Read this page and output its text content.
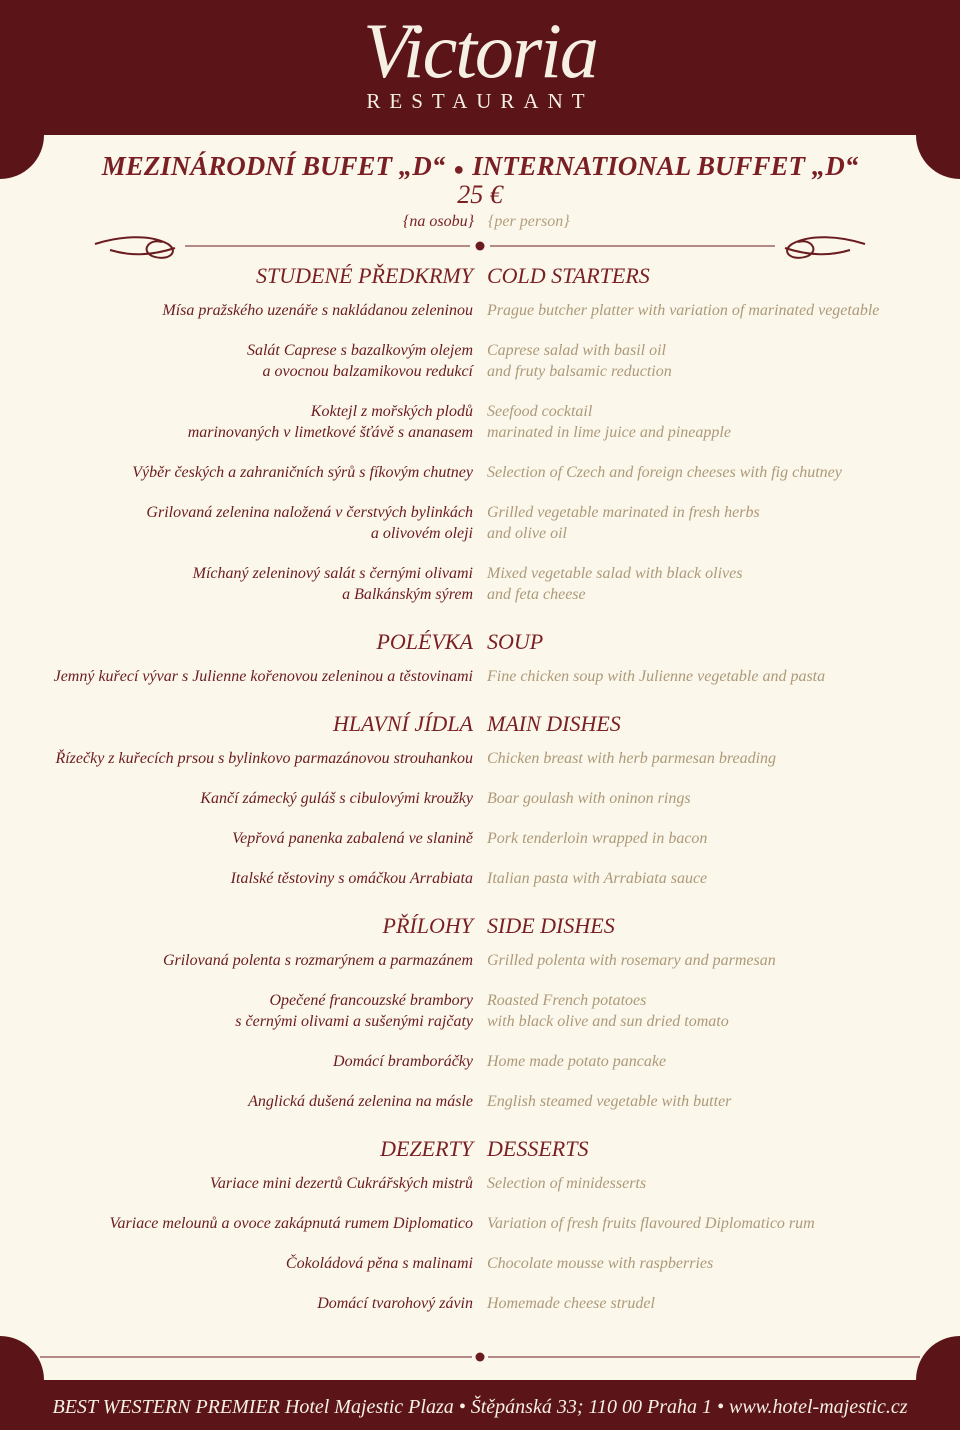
Victoria
RESTAURANT
MEZINÁRODNÍ BUFET „D“ ● INTERNATIONAL BUFFET „D“
25 €
{na osobu} {per person}
STUDENÉ PŘEDKRMY COLD STARTERS
Mísa pražského uzenáře s nakládanou zeleninou Prague butcher platter with variation of marinated vegetable
Salát Caprese s bazalkovým olejem
a ovocnou balzamikovou redukcí
Caprese salad with basil oil
and fruty balsamic reduction
Koktejl z mořských plodů
marinovaných v limetkové šťávě s ananasem
Seefood cocktail
marinated in lime juice and pineapple
Výběr českých a zahraničních sýrů s fíkovým chutney Selection of Czech and foreign cheeses with fig chutney
Grilovaná zelenina naložená v čerstvých bylinkách
a olivovém oleji
Grilled vegetable marinated in fresh herbs
and olive oil
Míchaný zeleninový salát s černými olivami
a Balkánským sýrem
Mixed vegetable salad with black olives
and feta cheese
POLÉVKA SOUP
Jemný kuřecí vývar s Julienne kořenovou zeleninou a těstovinami Fine chicken soup with Julienne vegetable and pasta
HLAVNÍ JÍDLA MAIN DISHES
Řízečky z kuřecích prsou s bylinkovo parmazánovou strouhankou Chicken breast with herb parmesan breading
Kančí zámecký guláš s cibulovými kroužky Boar goulash with oninon rings
Vepřová panenka zabalená ve slanině Pork tenderloin wrapped in bacon
Italské těstoviny s omáčkou Arrabiata Italian pasta with Arrabiata sauce
PŘÍLOHY SIDE DISHES
Grilovaná polenta s rozmarýnem a parmazánem Grilled polenta with rosemary and parmesan
Opečené francouzské brambory
s černými olivami a sušenými rajčaty
Roasted French potatoes
with black olive and sun dried tomato
Domácí bramboráčky Home made potato pancake
Anglická dušená zelenina na másle English steamed vegetable with butter
DEZERTY DESSERTS
Variace mini dezertů Cukrářských mistrů Selection of minidesserts
Variace melounů a ovoce zakápnutá rumem Diplomatico Variation of fresh fruits flavoured Diplomatico rum
Čokoládová pěna s malinami Chocolate mousse with raspberries
Domácí tvarohový závin Homemade cheese strudel
BEST WESTERN PREMIER Hotel Majestic Plaza • Štěpánská 33; 110 00 Praha 1 • www.hotel-majestic.cz
